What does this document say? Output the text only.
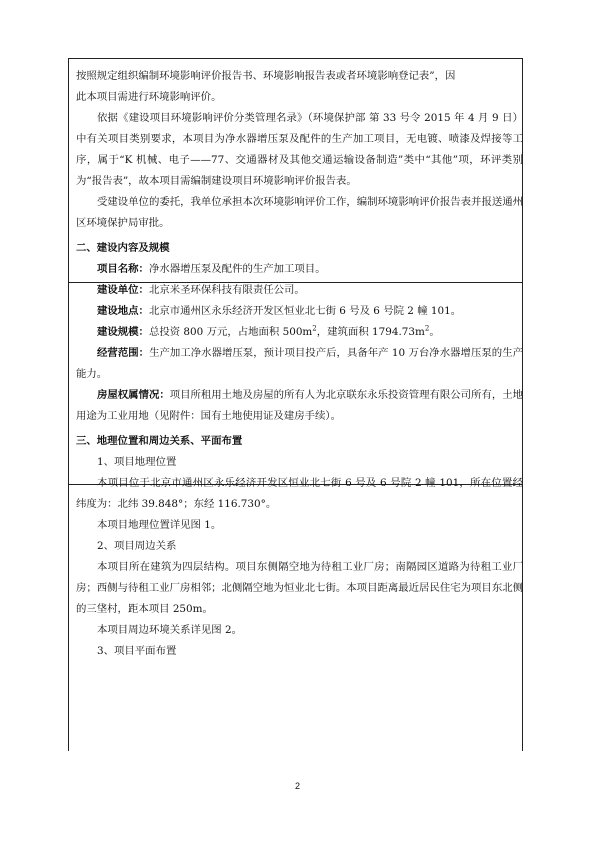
按照规定组织编制环境影响评价报告书、环境影响报告表或者环境影响登记表”，因

此本项目需进行环境影响评价。

依据《建设项目环境影响评价分类管理名录》（环境保护部 第 33 号令 2015 年 4 月 9 日）中有关项目类别要求，本项目为净水器增压泵及配件的生产加工项目，无电镀、喷漆及焊接等工序，属于“K 机械、电子——77、交通器材及其他交通运输设备制造”类中“其他”项，环评类别为“报告表”，故本项目需编制建设项目环境影响评价报告表。

受建设单位的委托，我单位承担本次环境影响评价工作，编制环境影响评价报告表并报送通州区环境保护局审批。

二、建设内容及规模

项目名称：净水器增压泵及配件的生产加工项目。

建设单位：北京米圣环保科技有限责任公司。

建设地点：北京市通州区永乐经济开发区恒业北七街 6 号及 6 号院 2 幢 101。

建设规模：总投资 800 万元，占地面积 $500m^2$，建筑面积 $1794.73m^2$。

经营范围：生产加工净水器增压泵，预计项目投产后，具备年产 10 万台净水器增压泵的生产能力。

房屋权属情况：项目所租用土地及房屋的所有人为北京联东永乐投资管理有限公司所有，土地用途为工业用地（见附件：国有土地使用证及建房手续）。

三、地理位置和周边关系、平面布置

1、项目地理位置

本项目位于北京市通州区永乐经济开发区恒业北七街 6 号及 6 号院 2 幢 101，所在位置经纬度为：北纬 39.848°；东经 116.730°。

本项目地理位置详见图 1。

2、项目周边关系

本项目所在建筑为四层结构。项目东侧隔空地为待租工业厂房；南隔园区道路为待租工业厂房；西侧与待租工业厂房相邻；北侧隔空地为恒业北七街。本项目距离最近居民住宅为项目东北侧的三垡村，距本项目 250m。

本项目周边环境关系详见图 2。

3、项目平面布置

2
